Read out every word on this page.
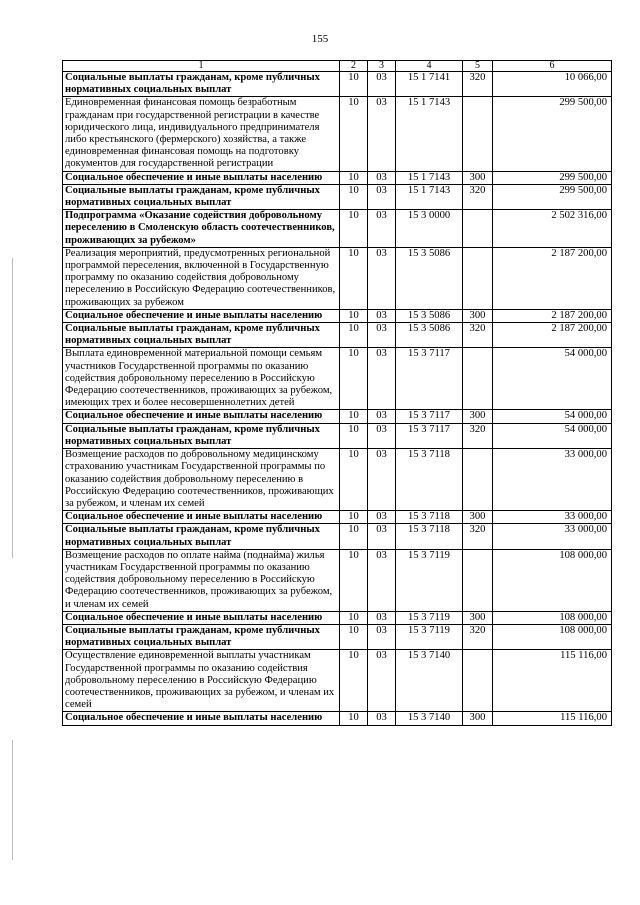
155
1	2	3	4	5	6
Социальные выплаты гражданам, кроме публичных нормативных социальных выплат	10	03	15 1 7141	320	10 066,00
Единовременная финансовая помощь безработным гражданам при государственной регистрации в качестве юридического лица, индивидуального предпринимателя либо крестьянского (фермерского) хозяйства, а также единовременная финансовая помощь на подготовку документов для государственной регистрации	10	03	15 1 7143		299 500,00
Социальное обеспечение и иные выплаты населению	10	03	15 1 7143	300	299 500,00
Социальные выплаты гражданам, кроме публичных нормативных социальных выплат	10	03	15 1 7143	320	299 500,00
Подпрограмма «Оказание содействия добровольному переселению в Смоленскую область соотечественников, проживающих за рубежом»	10	03	15 3 0000		2 502 316,00
Реализация мероприятий, предусмотренных региональной программой переселения, включенной в Государственную программу по оказанию содействия добровольному переселению в Российскую Федерацию соотечественников, проживающих за рубежом	10	03	15 3 5086		2 187 200,00
Социальное обеспечение и иные выплаты населению	10	03	15 3 5086	300	2 187 200,00
Социальные выплаты гражданам, кроме публичных нормативных социальных выплат	10	03	15 3 5086	320	2 187 200,00
Выплата единовременной материальной помощи семьям участников Государственной программы по оказанию содействия добровольному переселению в Российскую Федерацию соотечественников, проживающих за рубежом, имеющих трех и более несовершеннолетних детей	10	03	15 3 7117		54 000,00
Социальное обеспечение и иные выплаты населению	10	03	15 3 7117	300	54 000,00
Социальные выплаты гражданам, кроме публичных нормативных социальных выплат	10	03	15 3 7117	320	54 000,00
Возмещение расходов по добровольному медицинскому страхованию участникам Государственной программы по оказанию содействия добровольному переселению в Российскую Федерацию соотечественников, проживающих за рубежом, и членам их семей	10	03	15 3 7118		33 000,00
Социальное обеспечение и иные выплаты населению	10	03	15 3 7118	300	33 000,00
Социальные выплаты гражданам, кроме публичных нормативных социальных выплат	10	03	15 3 7118	320	33 000,00
Возмещение расходов по оплате найма (поднайма) жилья участникам Государственной программы по оказанию содействия добровольному переселению в Российскую Федерацию соотечественников, проживающих за рубежом, и членам их семей	10	03	15 3 7119		108 000,00
Социальное обеспечение и иные выплаты населению	10	03	15 3 7119	300	108 000,00
Социальные выплаты гражданам, кроме публичных нормативных социальных выплат	10	03	15 3 7119	320	108 000,00
Осуществление единовременной выплаты участникам Государственной программы по оказанию содействия добровольному переселению в Российскую Федерацию соотечественников, проживающих за рубежом, и членам их семей	10	03	15 3 7140		115 116,00
Социальное обеспечение и иные выплаты населению	10	03	15 3 7140	300	115 116,00
